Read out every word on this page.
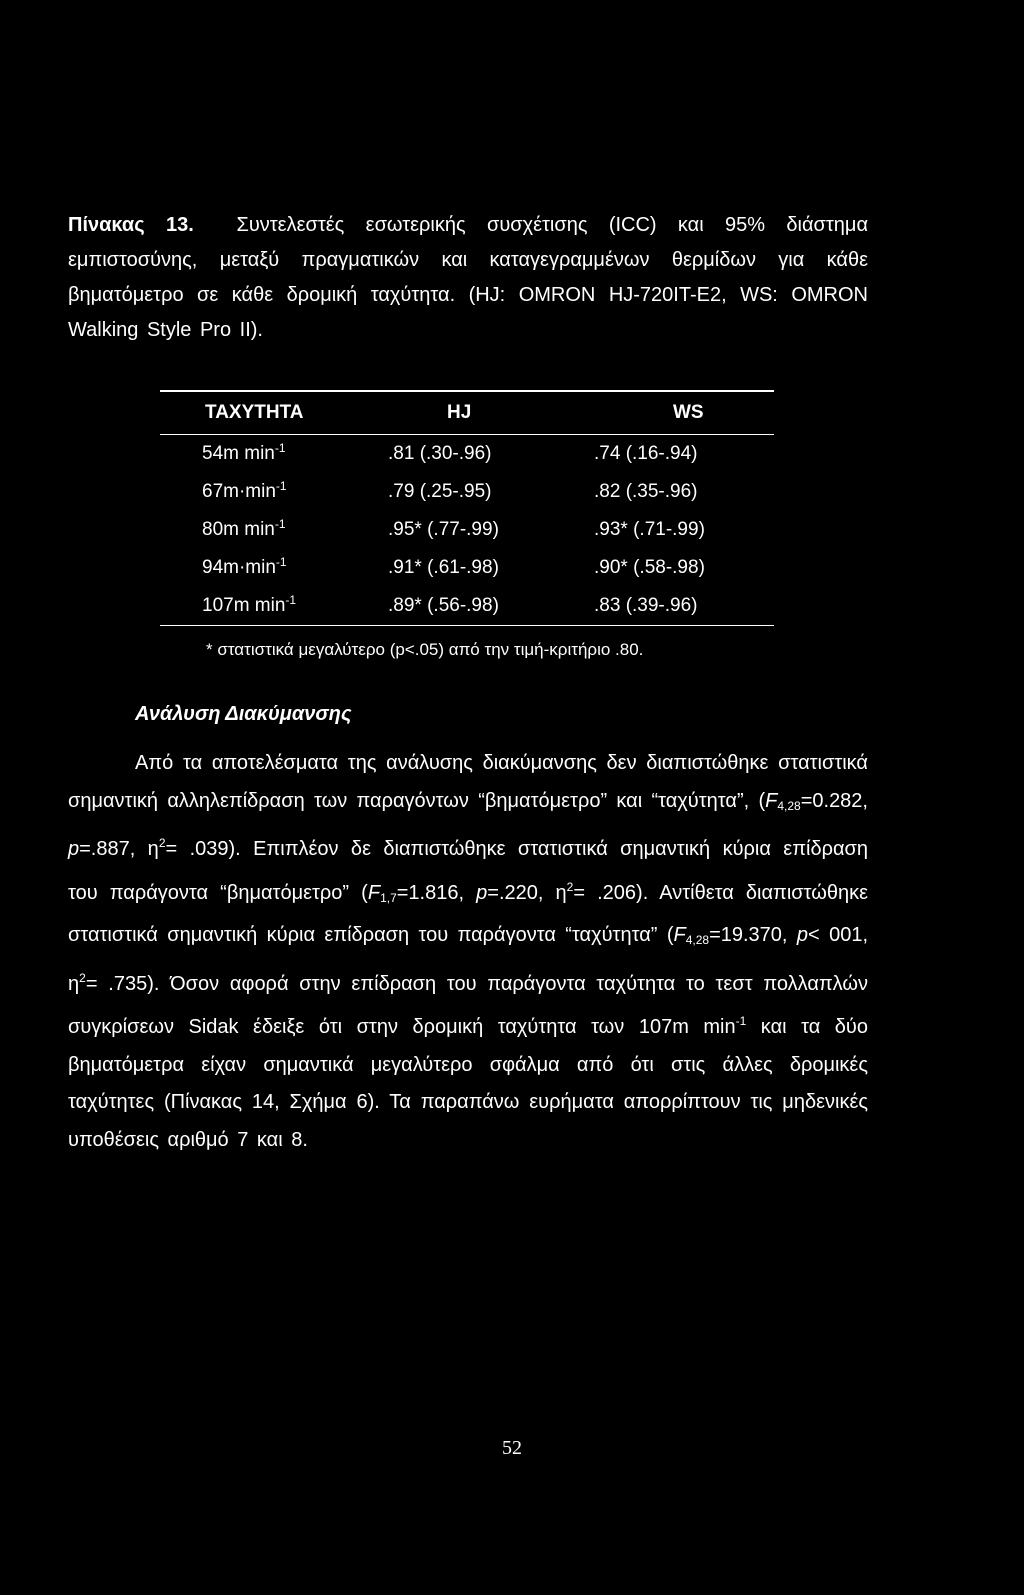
Πίνακας 13. Συντελεστές εσωτερικής συσχέτισης (ICC) και 95% διάστημα εμπιστοσύνης, μεταξύ πραγματικών και καταγεγραμμένων θερμίδων για κάθε βηματόμετρο σε κάθε δρομική ταχύτητα. (HJ: OMRON HJ-720IT-E2, WS: OMRON Walking Style Pro II).
ΤΑΧΥΤΗΤΑ	HJ	WS
54m $\min^{-1}$	.81 (.30-.96)	.74 (.16-.94)
$67m\cdot\min^{-1}$	.79 (.25-.95)	.82 (.35-.96)
80m $\min^{-1}$	.95* (.77-.99)	.93* (.71-.99)
$94m\cdot\min^{-1}$	.91* (.61-.98)	.90* (.58-.98)
107m $\min^{-1}$	.89* (.56-.98)	.83 (.39-.96)
* στατιστικά μεγαλύτερο (p<.05) από την τιμή-κριτήριο .80.
Ανάλυση Διακύμανσης
Από τα αποτελέσματα της ανάλυσης διακύμανσης δεν διαπιστώθηκε στατιστικά σημαντική αλληλεπίδραση των παραγόντων “βηματόμετρο” και “ταχύτητα”, ($F_{4,28}=0.282$, p=.887, $\eta^2= .039$). Επιπλέον δε διαπιστώθηκε στατιστικά σημαντική κύρια επίδραση του παράγοντα “βηματόμετρο” ($F_{1,7}=1.816$, p=.220, $\eta^2= .206$). Αντίθετα διαπιστώθηκε στατιστικά σημαντική κύρια επίδραση του παράγοντα “ταχύτητα” ($F_{4,28}=19.370$, p< 001, $\eta^2= .735$). Όσον αφορά στην επίδραση του παράγοντα ταχύτητα το τεστ πολλαπλών συγκρίσεων Sidak έδειξε ότι στην δρομική ταχύτητα των 107m $\min^{-1} \kappa\alpha\iota$ τα δύο βηματόμετρα είχαν σημαντικά μεγαλύτερο σφάλμα από ότι στις άλλες δρομικές ταχύτητες (Πίνακας 14, Σχήμα 6). Τα παραπάνω ευρήματα απορρίπτουν τις μηδενικές υποθέσεις αριθμό 7 και 8.
52
